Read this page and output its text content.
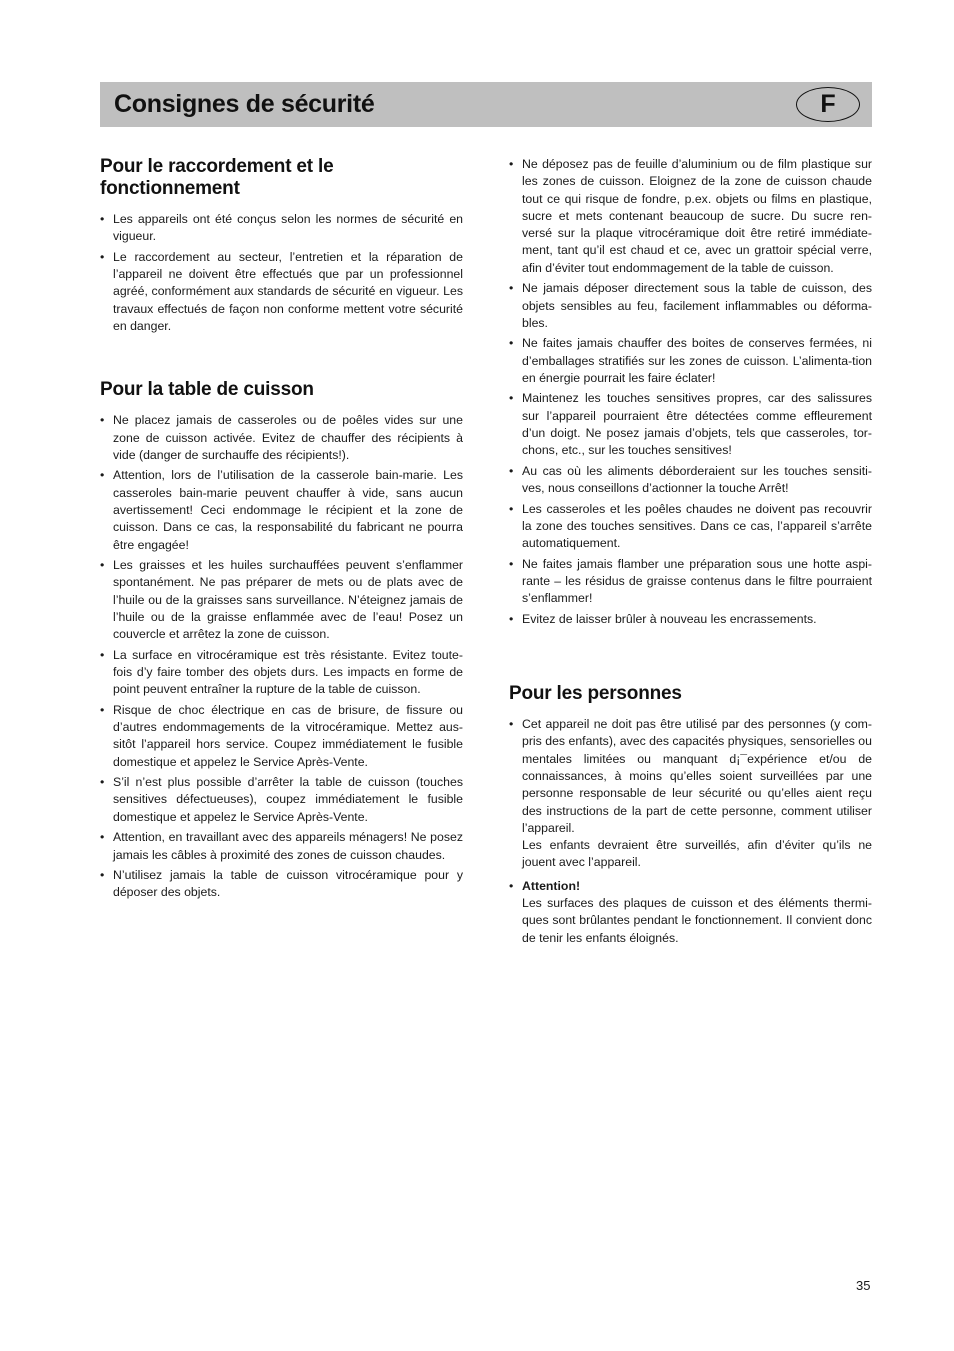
Consignes de sécurité	F
Pour le raccordement et le fonctionnement
• Les appareils ont été conçus selon les normes de sécurité en vigueur.
• Le raccordement au secteur, l’entretien et la réparation de l’appareil ne doivent être effectués que par un professionnel agréé, conformément aux standards de sécurité en vigueur. Les travaux effectués de façon non conforme mettent votre sécurité en danger.
Pour la table de cuisson
• Ne placez jamais de casseroles ou de poêles vides sur une zone de cuisson activée. Evitez de chauffer des récipients à vide (danger de surchauffe des récipients!).
• Attention, lors de l’utilisation de la casserole bain-marie. Les casseroles bain-marie peuvent chauffer à vide, sans aucun avertissement! Ceci endommage le récipient et la zone de cuisson. Dans ce cas, la responsabilité du fabricant ne pourra être engagée!
• Les graisses et les huiles surchauffées peuvent s’enflammer spontanément. Ne pas préparer de mets ou de plats avec de l’huile ou de la graisses sans surveillance. N’éteignez jamais de l’huile ou de la graisse enflammée avec de l’eau! Posez un couvercle et arrêtez la zone de cuisson.
• La surface en vitrocéramique est très résistante. Evitez toute-fois d’y faire tomber des objets durs. Les impacts en forme de point peuvent entraîner la rupture de la table de cuisson.
• Risque de choc électrique en cas de brisure, de fissure ou d’autres endommagements de la vitrocéramique. Mettez aus-sitôt l’appareil hors service. Coupez immédiatement le fusible domestique et appelez le Service Après-Vente.
• S’il n’est plus possible d’arrêter la table de cuisson (touches sensitives défectueuses), coupez immédiatement le fusible domestique et appelez le Service Après-Vente.
• Attention, en travaillant avec des appareils ménagers! Ne posez jamais les câbles à proximité des zones de cuisson chaudes.
• N’utilisez jamais la table de cuisson vitrocéramique pour y déposer des objets.
• Ne déposez pas de feuille d’aluminium ou de film plastique sur les zones de cuisson. Eloignez de la zone de cuisson chaude tout ce qui risque de fondre, p.ex. objets ou films en plastique, sucre et mets contenant beaucoup de sucre. Du sucre ren-versé sur la plaque vitrocéramique doit être retiré immédiate-ment, tant qu’il est chaud et ce, avec un grattoir spécial verre, afin d’éviter tout endommagement de la table de cuisson.
• Ne jamais déposer directement sous la table de cuisson, des objets sensibles au feu, facilement inflammables ou déforma-bles.
• Ne faites jamais chauffer des boites de conserves fermées, ni d’emballages stratifiés sur les zones de cuisson. L’alimenta-tion en énergie pourrait les faire éclater!
• Maintenez les touches sensitives propres, car des salissures sur l’appareil pourraient être détectées comme effleurement d’un doigt. Ne posez jamais d’objets, tels que casseroles, tor-chons, etc., sur les touches sensitives!
• Au cas où les aliments déborderaient sur les touches sensiti-ves, nous conseillons d’actionner la touche Arrêt!
• Les casseroles et les poêles chaudes ne doivent pas recouvrir la zone des touches sensitives. Dans ce cas, l’appareil s’arrête automatiquement.
• Ne faites jamais flamber une préparation sous une hotte aspi-rante – les résidus de graisse contenus dans le filtre pourraient s’enflammer!
• Evitez de laisser brûler à nouveau les encrassements.
Pour les personnes
• Cet appareil ne doit pas être utilisé par des personnes (y com-pris des enfants), avec des capacités physiques, sensorielles ou mentales limitées ou manquant d¡¯expérience et/ou de connaissances, à moins qu’elles soient surveillées par une personne responsable de leur sécurité ou qu’elles aient reçu des instructions de la part de cette personne, comment utiliser l’appareil.
Les enfants devraient être surveillés, afin d’éviter qu’ils ne jouent avec l’appareil.
• Attention!
Les surfaces des plaques de cuisson et des éléments thermi-ques sont brûlantes pendant le fonctionnement. Il convient donc de tenir les enfants éloignés.
35
